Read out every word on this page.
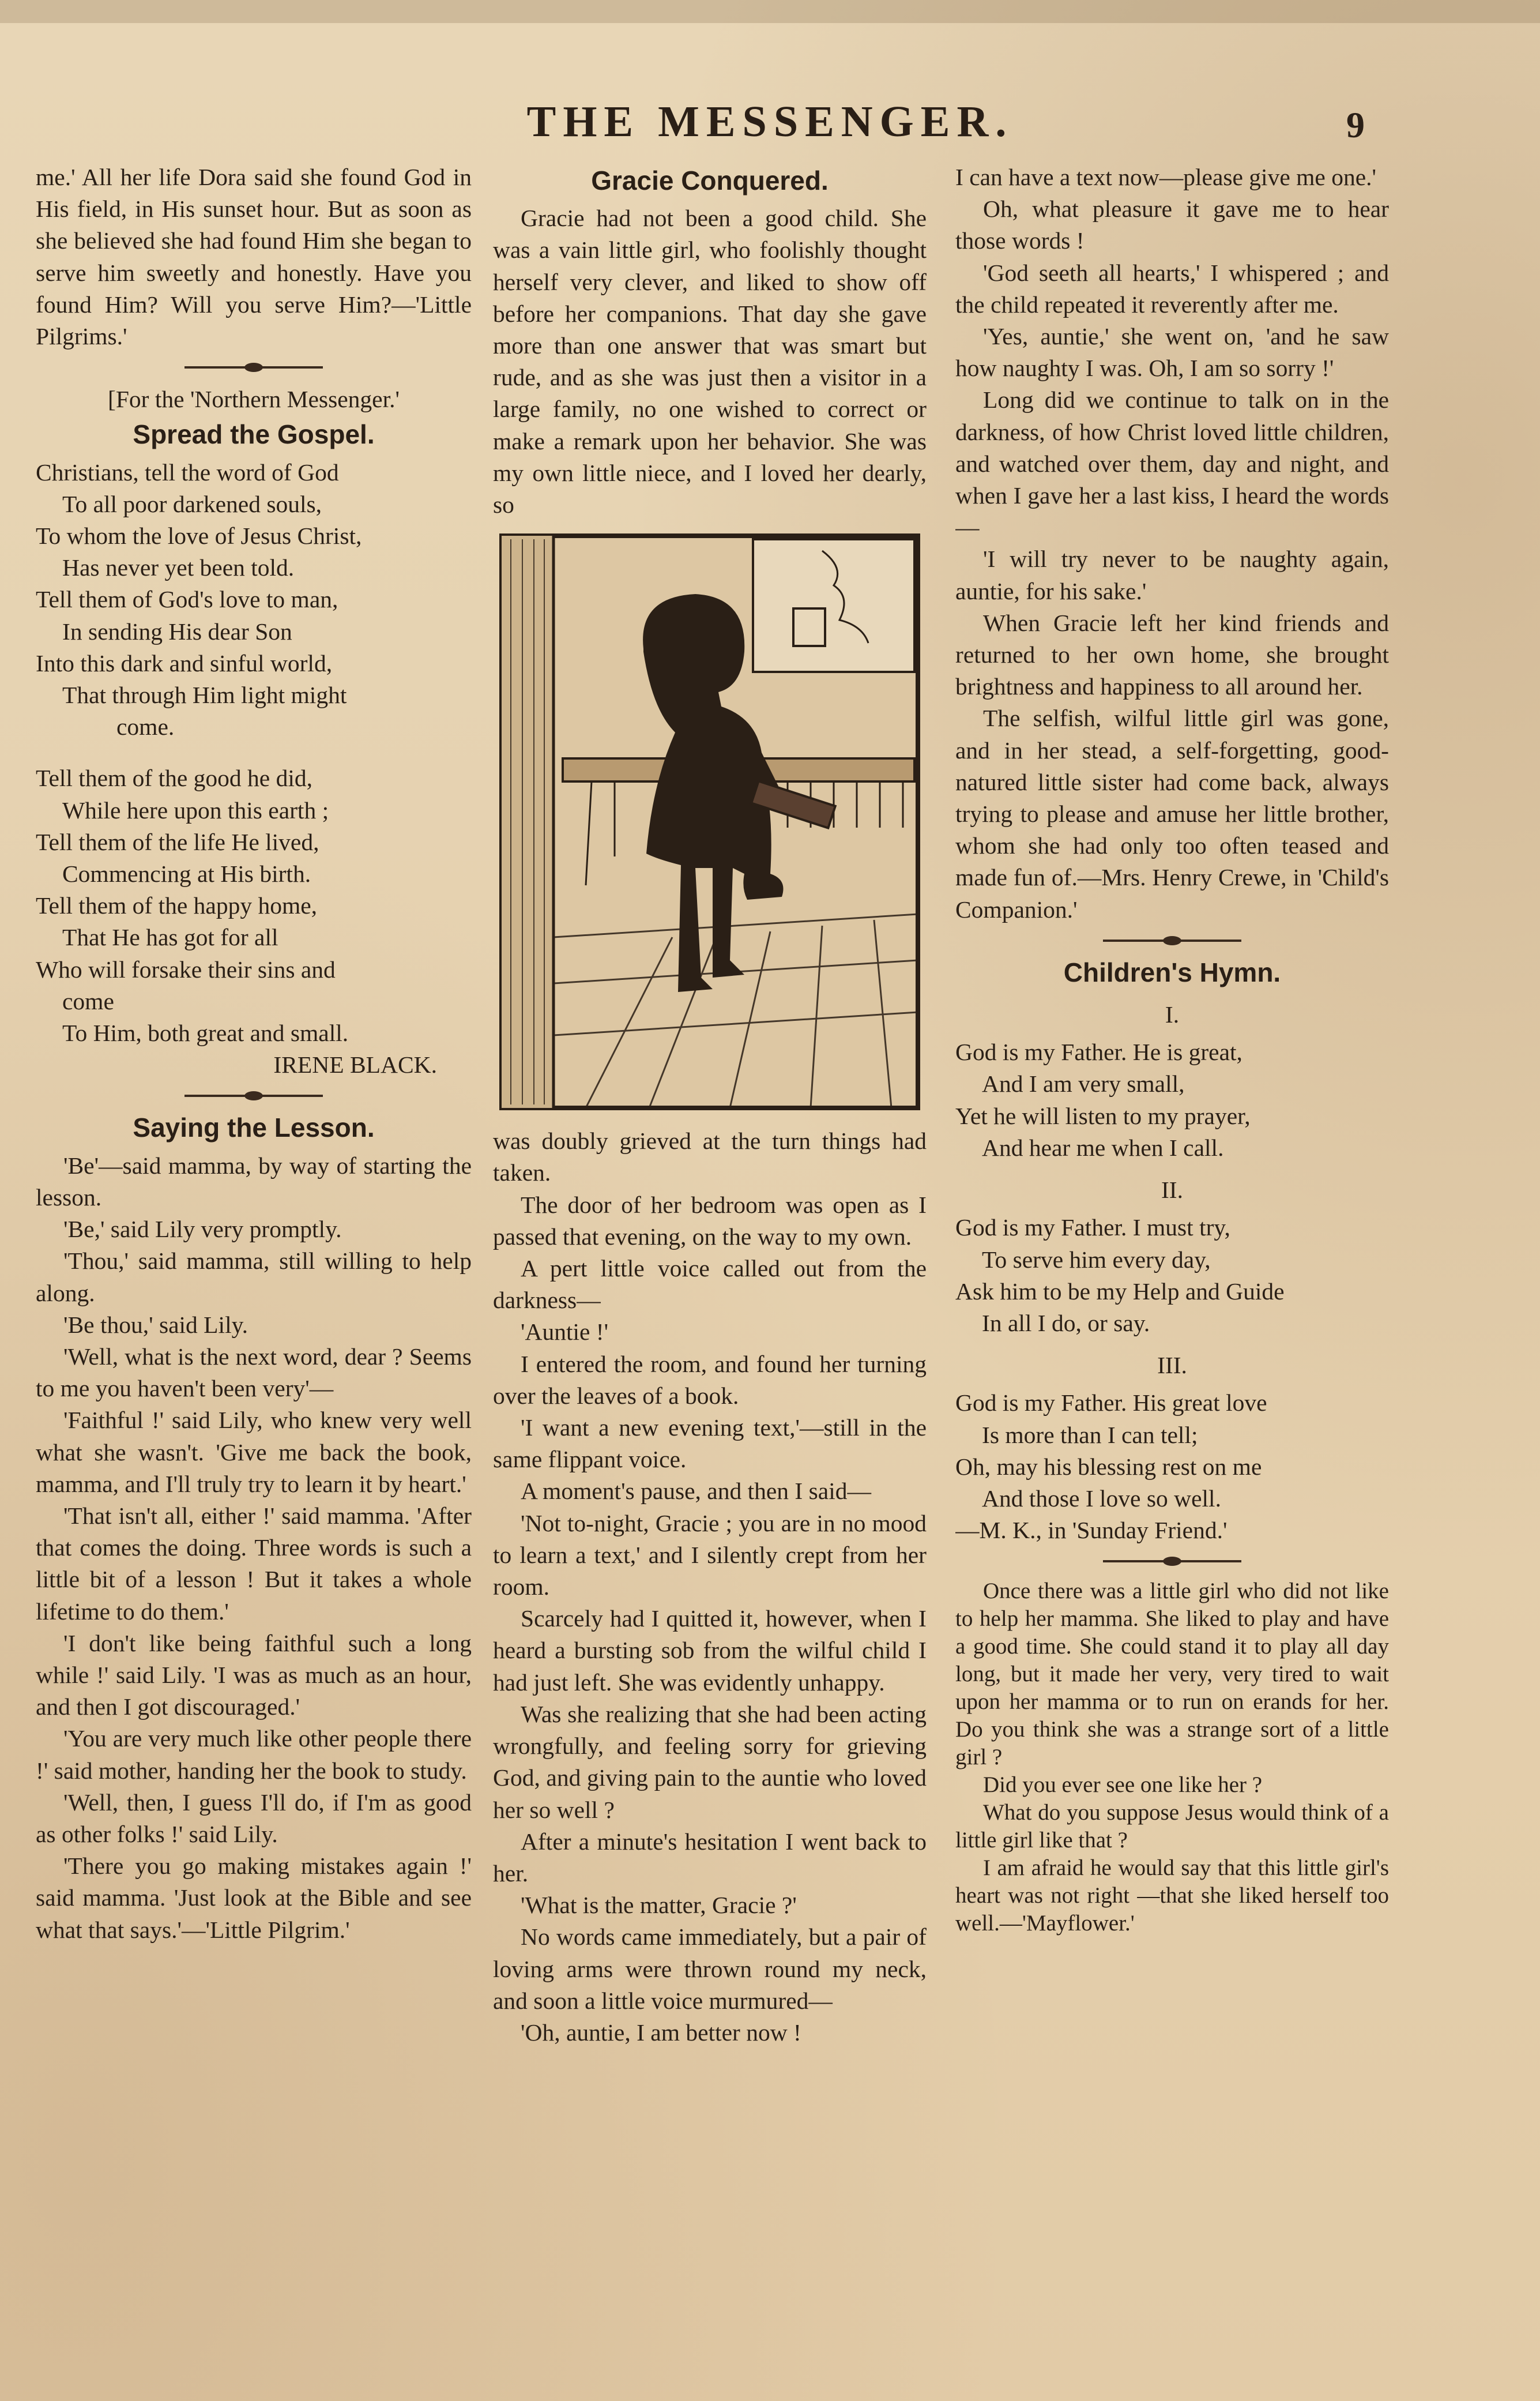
THE MESSENGER.	9

me.' All her life Dora said she found God in His field, in His sunset hour. But as soon as she believed she had found Him she began to serve him sweetly and honestly. Have you found Him? Will you serve Him?—'Little Pilgrims.'

[For the 'Northern Messenger.'

Spread the Gospel.

Christians, tell the word of God

To all poor darkened souls,

To whom the love of Jesus Christ,

Has never yet been told.

Tell them of God's love to man,

In sending His dear Son

Into this dark and sinful world,

That through Him light might

come.

Tell them of the good he did,

While here upon this earth ;

Tell them of the life He lived,

Commencing at His birth.

Tell them of the happy home,

That He has got for all

Who will forsake their sins and

come

To Him, both great and small.

IRENE BLACK.

Saying the Lesson.

'Be'—said mamma, by way of starting the lesson.

'Be,' said Lily very promptly.

'Thou,' said mamma, still willing to help along.

'Be thou,' said Lily.

'Well, what is the next word, dear ? Seems to me you haven't been very'—

'Faithful !' said Lily, who knew very well what she wasn't. 'Give me back the book, mamma, and I'll truly try to learn it by heart.'

'That isn't all, either !' said mamma. 'After that comes the doing. Three words is such a little bit of a lesson ! But it takes a whole lifetime to do them.'

'I don't like being faithful such a long while !' said Lily. 'I was as much as an hour, and then I got discouraged.'

'You are very much like other people there !' said mother, handing her the book to study.

'Well, then, I guess I'll do, if I'm as good as other folks !' said Lily.

'There you go making mistakes again !' said mamma. 'Just look at the Bible and see what that says.'—'Little Pilgrim.'

Gracie Conquered.

Gracie had not been a good child. She was a vain little girl, who foolishly thought herself very clever, and liked to show off before her companions. That day she gave more than one answer that was smart but rude, and as she was just then a visitor in a large family, no one wished to correct or make a remark upon her behavior. She was my own little niece, and I loved her dearly, so

was doubly grieved at the turn things had taken.

The door of her bedroom was open as I passed that evening, on the way to my own.

A pert little voice called out from the darkness—

'Auntie !'

I entered the room, and found her turning over the leaves of a book.

'I want a new evening text,'—still in the same flippant voice.

A moment's pause, and then I said—

'Not to-night, Gracie ; you are in no mood to learn a text,' and I silently crept from her room.

Scarcely had I quitted it, however, when I heard a bursting sob from the wilful child I had just left. She was evidently unhappy.

Was she realizing that she had been acting wrongfully, and feeling sorry for grieving God, and giving pain to the auntie who loved her so well ?

After a minute's hesitation I went back to her.

'What is the matter, Gracie ?'

No words came immediately, but a pair of loving arms were thrown round my neck, and soon a little voice murmured—

'Oh, auntie, I am better now !

I can have a text now—please give me one.'

Oh, what pleasure it gave me to hear those words !

'God seeth all hearts,' I whispered ; and the child repeated it reverently after me.

'Yes, auntie,' she went on, 'and he saw how naughty I was. Oh, I am so sorry !'

Long did we continue to talk on in the darkness, of how Christ loved little children, and watched over them, day and night, and when I gave her a last kiss, I heard the words—

'I will try never to be naughty again, auntie, for his sake.'

When Gracie left her kind friends and returned to her own home, she brought brightness and happiness to all around her.

The selfish, wilful little girl was gone, and in her stead, a self-forgetting, good-natured little sister had come back, always trying to please and amuse her little brother, whom she had only too often teased and made fun of.—Mrs. Henry Crewe, in 'Child's Companion.'

Children's Hymn.
I.

God is my Father. He is great,

And I am very small,

Yet he will listen to my prayer,

And hear me when I call.

II.

God is my Father. I must try,

To serve him every day,

Ask him to be my Help and Guide

In all I do, or say.

III.

God is my Father. His great love

Is more than I can tell;

Oh, may his blessing rest on me

And those I love so well.

—M. K., in 'Sunday Friend.'

Once there was a little girl who did not like to help her mamma. She liked to play and have a good time. She could stand it to play all day long, but it made her very, very tired to wait upon her mamma or to run on erands for her. Do you think she was a strange sort of a little girl ?

Did you ever see one like her ?

What do you suppose Jesus would think of a little girl like that ?

I am afraid he would say that this little girl's heart was not right —that she liked herself too well.—'Mayflower.'
